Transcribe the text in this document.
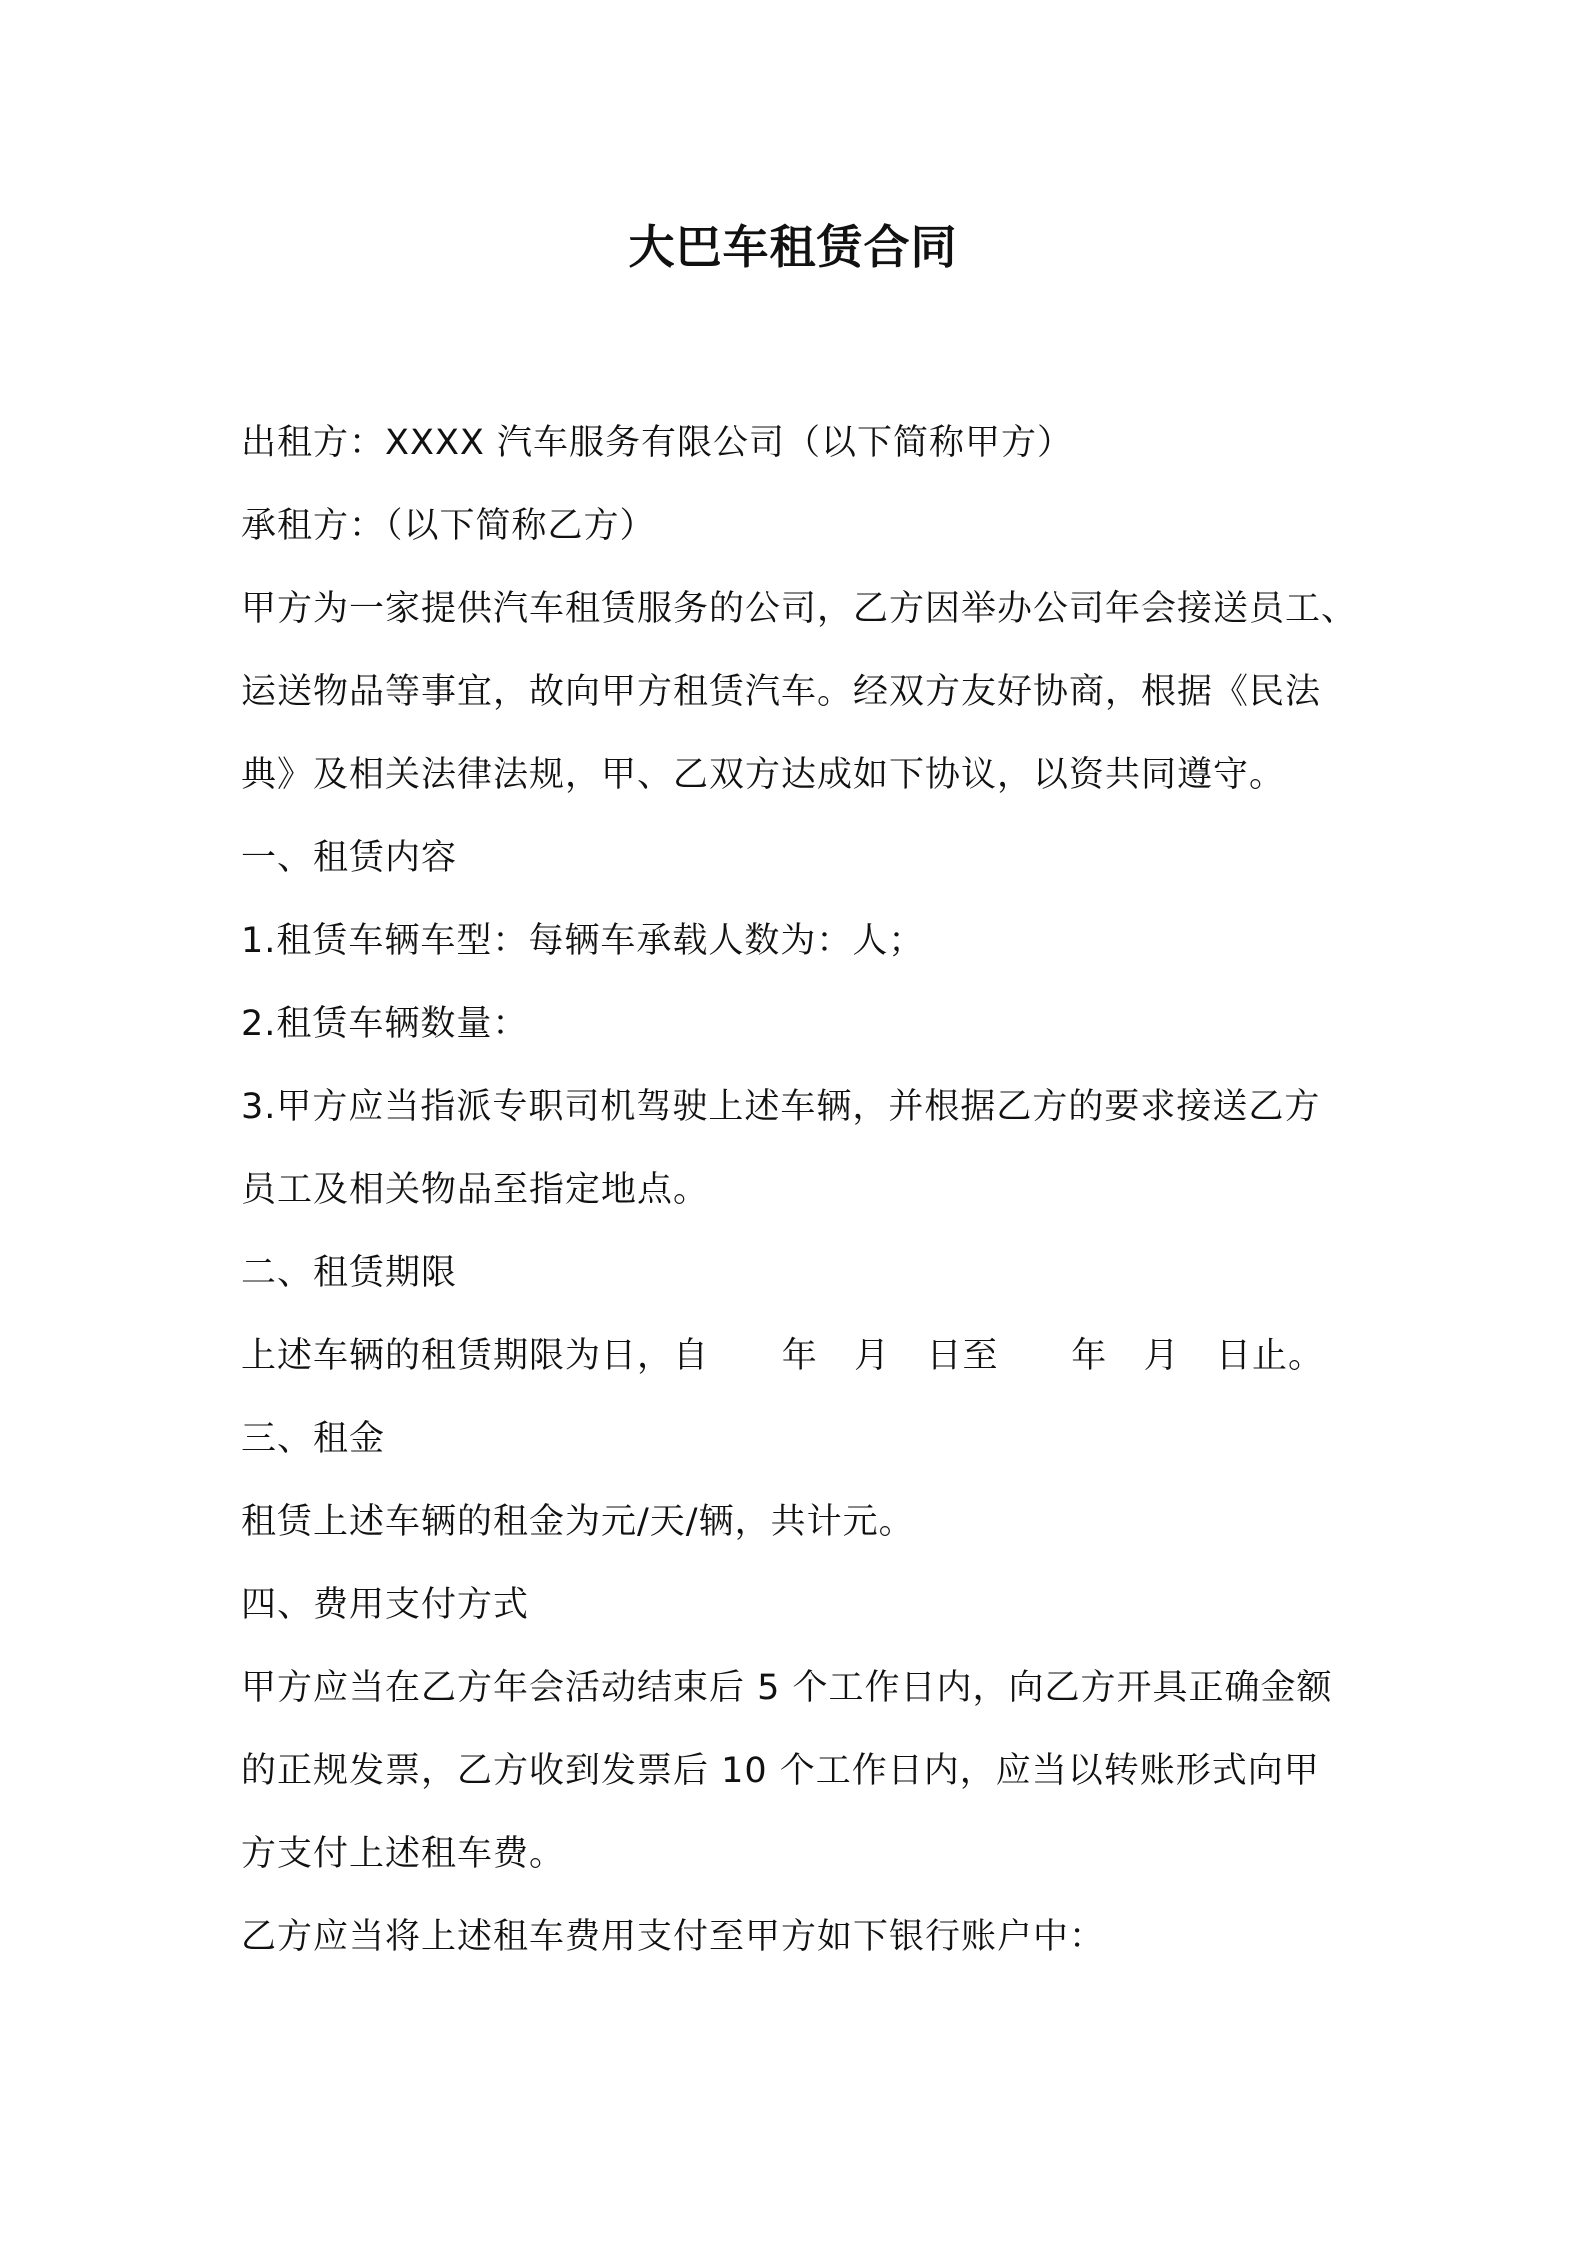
大巴车租赁合同
出租方：XXXX 汽车服务有限公司（以下简称甲方）
承租方：（以下简称乙方）
甲方为一家提供汽车租赁服务的公司，乙方因举办公司年会接送员工、
运送物品等事宜，故向甲方租赁汽车。经双方友好协商，根据《民法
典》及相关法律法规，甲、乙双方达成如下协议，以资共同遵守。
一、租赁内容
1.租赁车辆车型：每辆车承载人数为：人；
2.租赁车辆数量：
3.甲方应当指派专职司机驾驶上述车辆，并根据乙方的要求接送乙方
员工及相关物品至指定地点。
二、租赁期限
上述车辆的租赁期限为日，自      年   月   日至      年   月   日止。
三、租金
租赁上述车辆的租金为元/天/辆，共计元。
四、费用支付方式
甲方应当在乙方年会活动结束后 5 个工作日内，向乙方开具正确金额
的正规发票，乙方收到发票后 10 个工作日内，应当以转账形式向甲
方支付上述租车费。
乙方应当将上述租车费用支付至甲方如下银行账户中：
